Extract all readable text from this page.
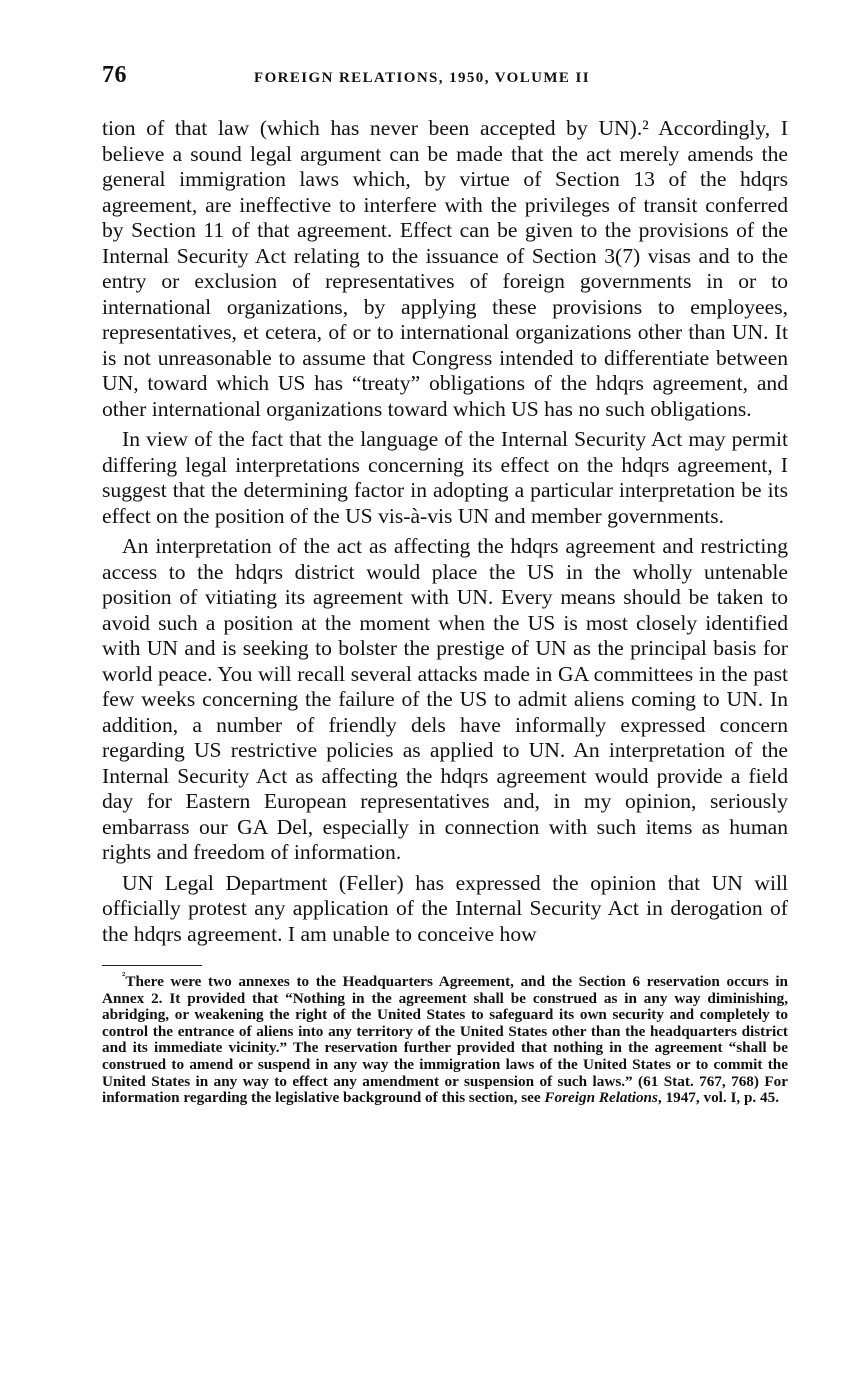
76	FOREIGN RELATIONS, 1950, VOLUME II

tion of that law (which has never been accepted by UN).² Accordingly, I believe a sound legal argument can be made that the act merely amends the general immigration laws which, by virtue of Section 13 of the hdqrs agreement, are ineffective to interfere with the privileges of transit conferred by Section 11 of that agreement. Effect can be given to the provisions of the Internal Security Act relating to the issuance of Section 3(7) visas and to the entry or exclusion of representatives of foreign governments in or to international organizations, by applying these provisions to employees, representatives, et cetera, of or to international organizations other than UN. It is not unreasonable to assume that Congress intended to differentiate between UN, toward which US has “treaty” obligations of the hdqrs agreement, and other international organizations toward which US has no such obligations.

In view of the fact that the language of the Internal Security Act may permit differing legal interpretations concerning its effect on the hdqrs agreement, I suggest that the determining factor in adopting a particular interpretation be its effect on the position of the US vis-à-vis UN and member governments.

An interpretation of the act as affecting the hdqrs agreement and restricting access to the hdqrs district would place the US in the wholly untenable position of vitiating its agreement with UN. Every means should be taken to avoid such a position at the moment when the US is most closely identified with UN and is seeking to bolster the prestige of UN as the principal basis for world peace. You will recall several attacks made in GA committees in the past few weeks concerning the failure of the US to admit aliens coming to UN. In addition, a number of friendly dels have informally expressed concern regarding US restrictive policies as applied to UN. An interpretation of the Internal Security Act as affecting the hdqrs agreement would provide a field day for Eastern European representatives and, in my opinion, seriously embarrass our GA Del, especially in connection with such items as human rights and freedom of information.

UN Legal Department (Feller) has expressed the opinion that UN will officially protest any application of the Internal Security Act in derogation of the hdqrs agreement. I am unable to conceive how

$^{^2}$There were two annexes to the Headquarters Agreement, and the Section 6 reservation occurs in Annex 2. It provided that “Nothing in the agreement shall be construed as in any way diminishing, abridging, or weakening the right of the United States to safeguard its own security and completely to control the entrance of aliens into any territory of the United States other than the headquarters district and its immediate vicinity.” The reservation further provided that nothing in the agreement “shall be construed to amend or suspend in any way the immigration laws of the United States or to commit the United States in any way to effect any amendment or suspension of such laws.” (61 Stat. 767, 768) For information regarding the legislative background of this section, see Foreign Relations, 1947, vol. I, p. 45.
